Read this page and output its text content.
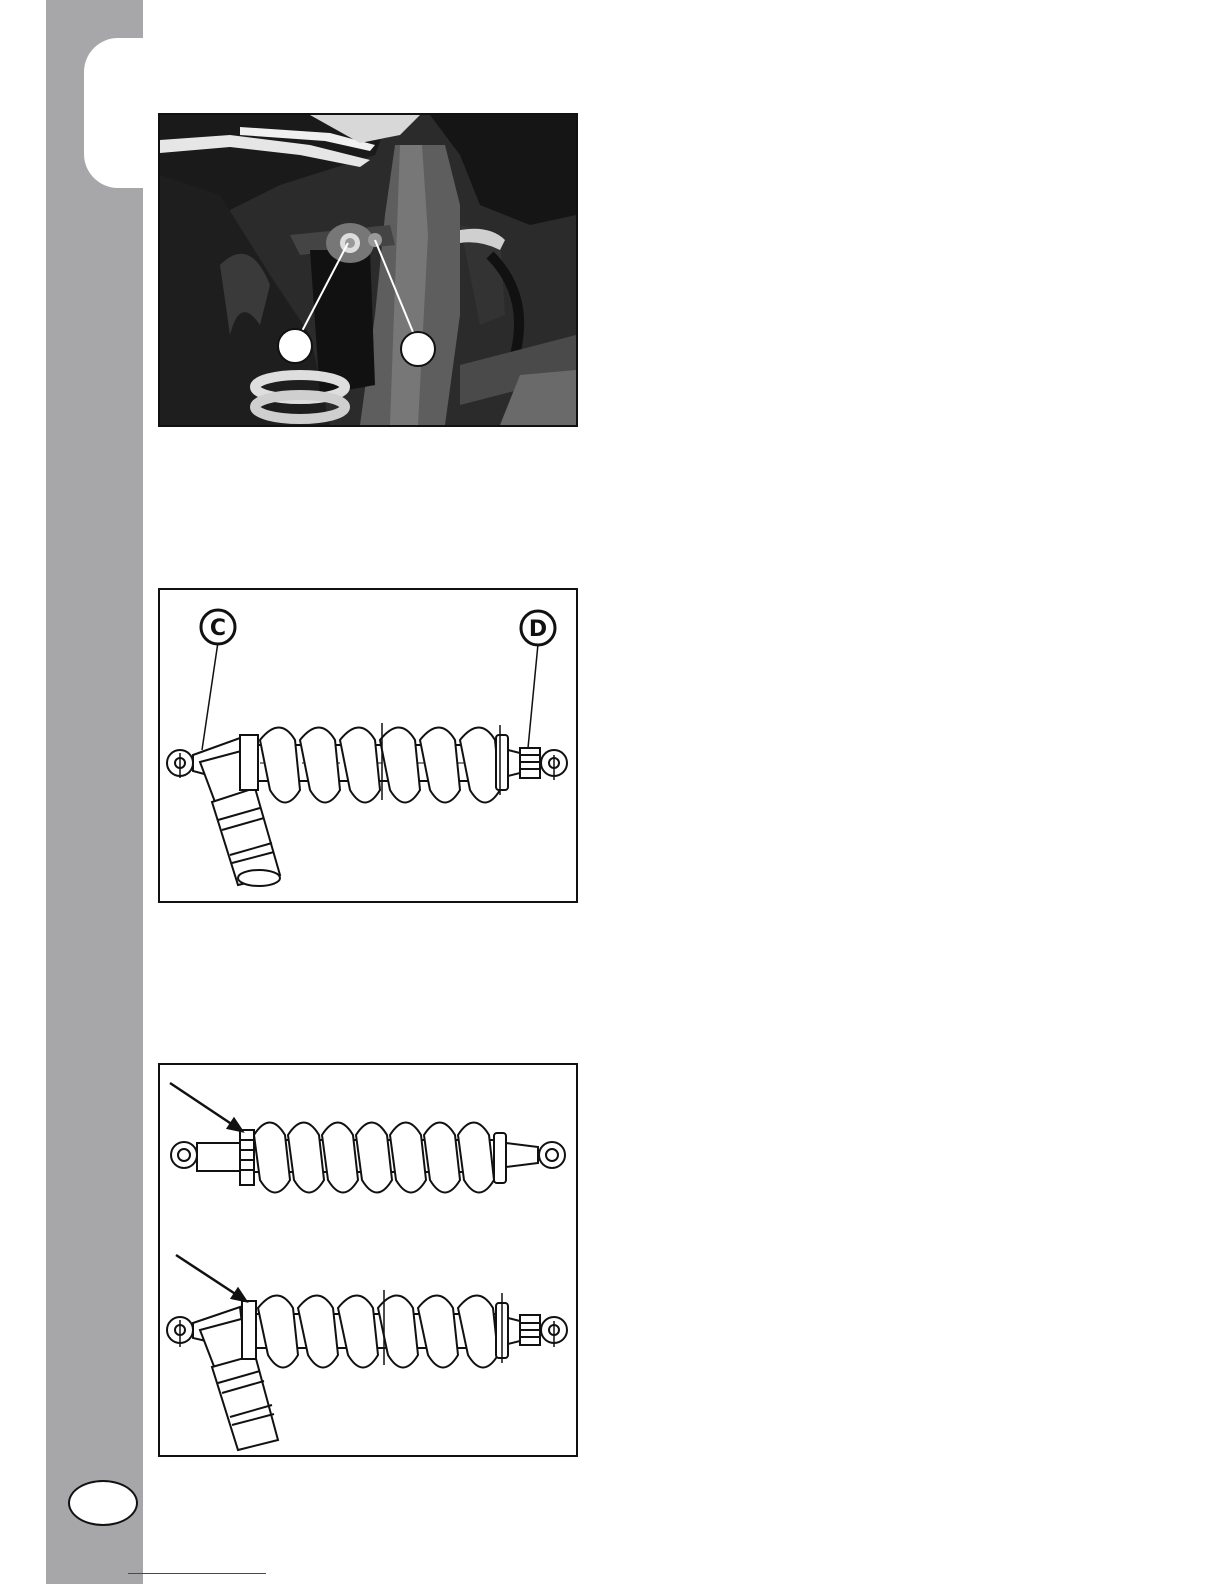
C	D
